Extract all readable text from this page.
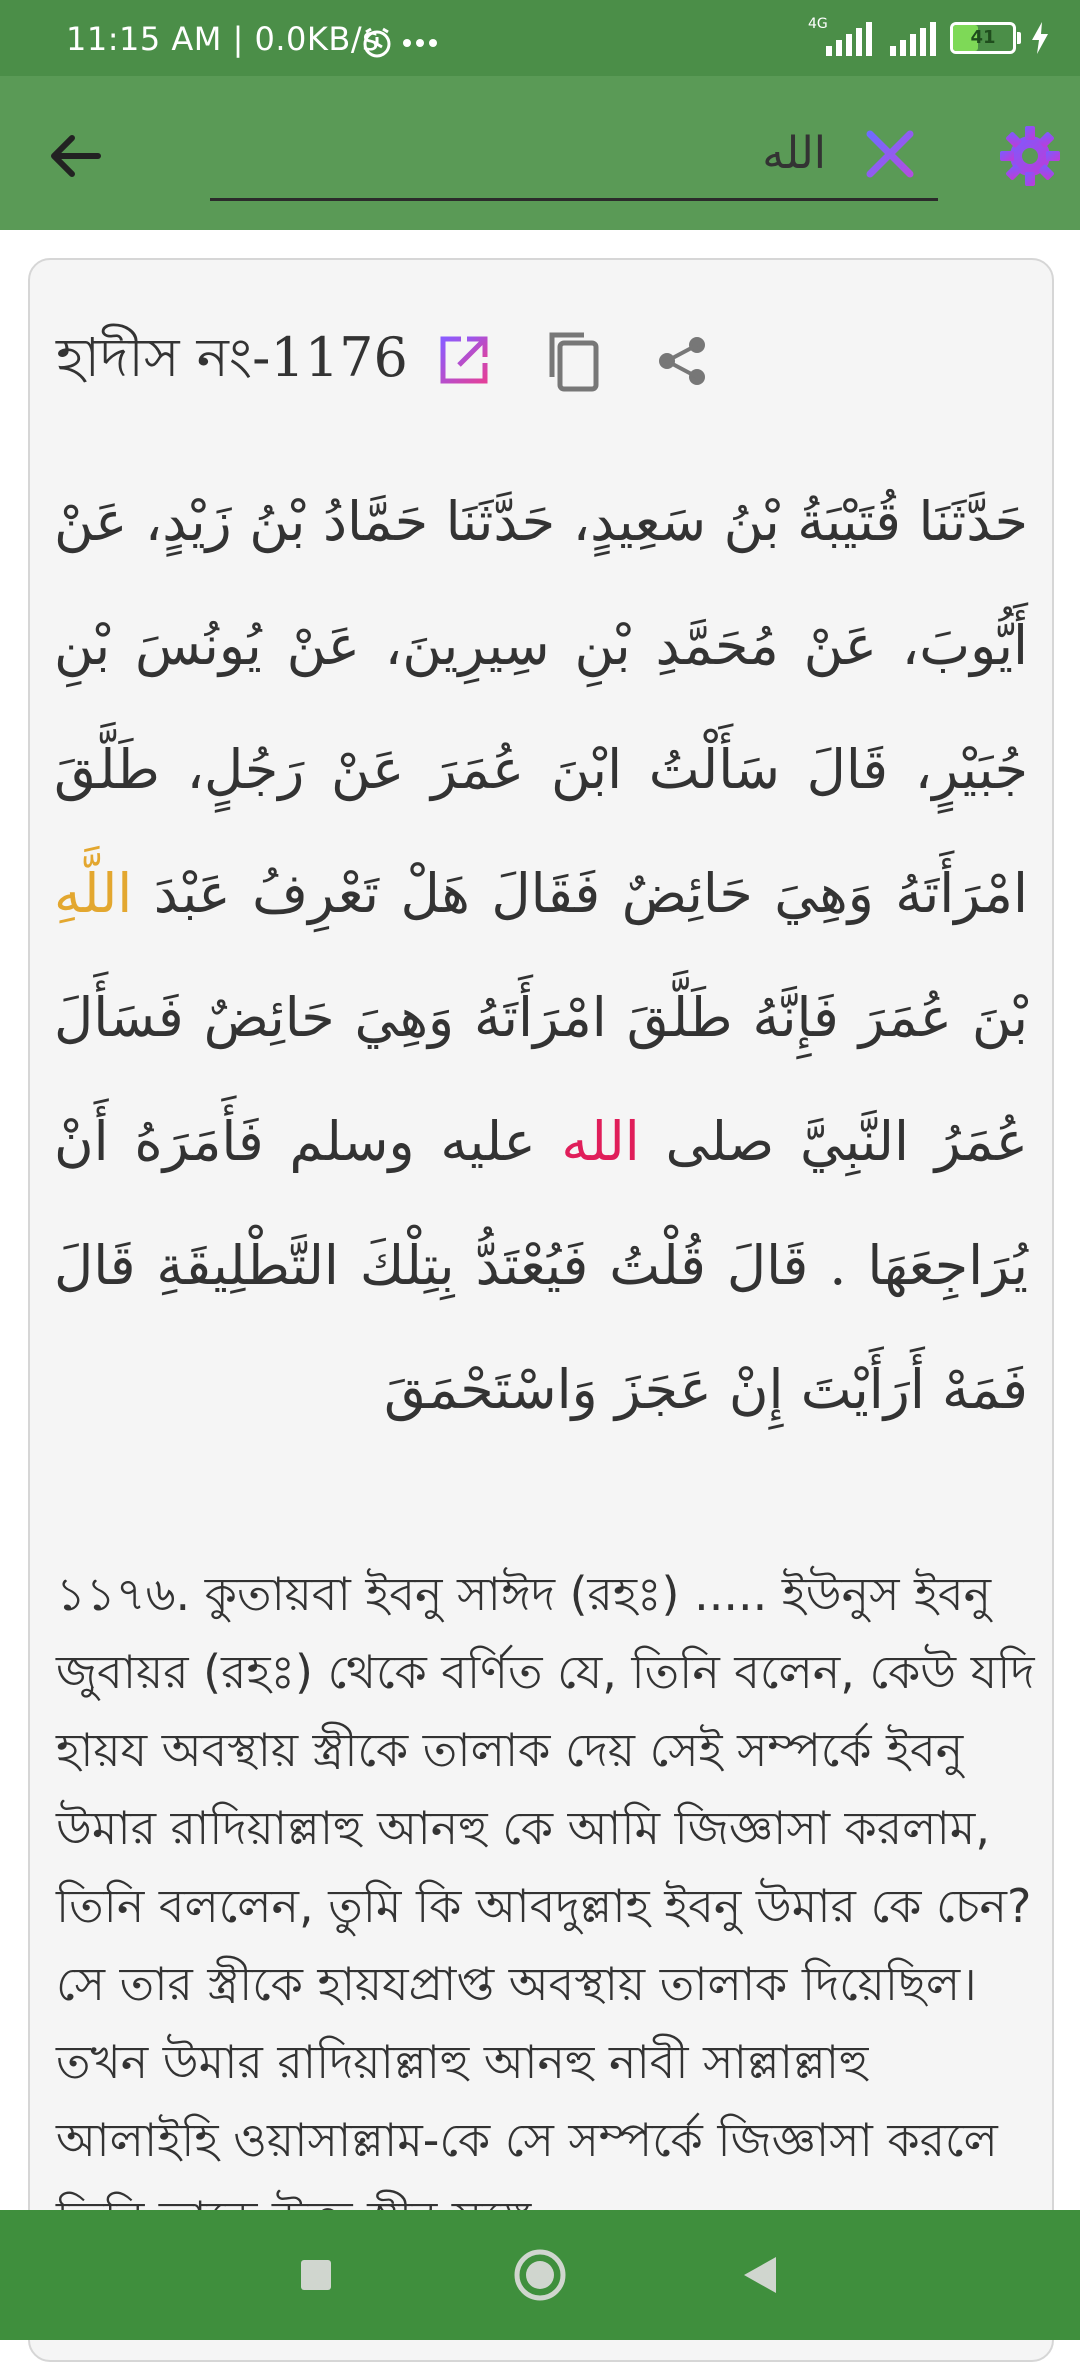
11:15 AM | 0.0KB/s	4G
41
الله
হাদীস নং-1176

حَدَّثَنَا قُتَيْبَةُ بْنُ سَعِيدٍ، حَدَّثَنَا حَمَّادُ بْنُ زَيْدٍ، عَنْ أَيُّوبَ، عَنْ مُحَمَّدِ بْنِ سِيرِينَ، عَنْ يُونُسَ بْنِ جُبَيْرٍ، قَالَ سَأَلْتُ ابْنَ عُمَرَ عَنْ رَجُلٍ، طَلَّقَ امْرَأَتَهُ وَهِيَ حَائِضٌ فَقَالَ هَلْ تَعْرِفُ عَبْدَ اللَّهِ بْنَ عُمَرَ فَإِنَّهُ طَلَّقَ امْرَأَتَهُ وَهِيَ حَائِضٌ فَسَأَلَ عُمَرُ النَّبِيَّ صلى الله عليه وسلم فَأَمَرَهُ أَنْ يُرَاجِعَهَا . قَالَ قُلْتُ فَيُعْتَدُّ بِتِلْكَ التَّطْلِيقَةِ قَالَ فَمَهْ أَرَأَيْتَ إِنْ عَجَزَ وَاسْتَحْمَقَ

১১৭৬. কুতায়বা ইবনু সাঈদ (রহঃ) ..... ইউনুস ইবনু জুবায়র (রহঃ) থেকে বর্ণিত যে, তিনি বলেন, কেউ যদি হায়য অবস্থায় স্ত্রীকে তালাক দেয় সেই সম্পর্কে ইবনু উমার রাদিয়াল্লাহু আনহু কে আমি জিজ্ঞাসা করলাম, তিনি বললেন, তুমি কি আবদুল্লাহ ইবনু উমার কে চেন? সে তার স্ত্রীকে হায়যপ্রাপ্ত অবস্থায় তালাক দিয়েছিল। তখন উমার রাদিয়াল্লাহু আনহু নাবী সাল্লাল্লাহু আলাইহি ওয়াসাল্লাম-কে সে সম্পর্কে জিজ্ঞাসা করলে
